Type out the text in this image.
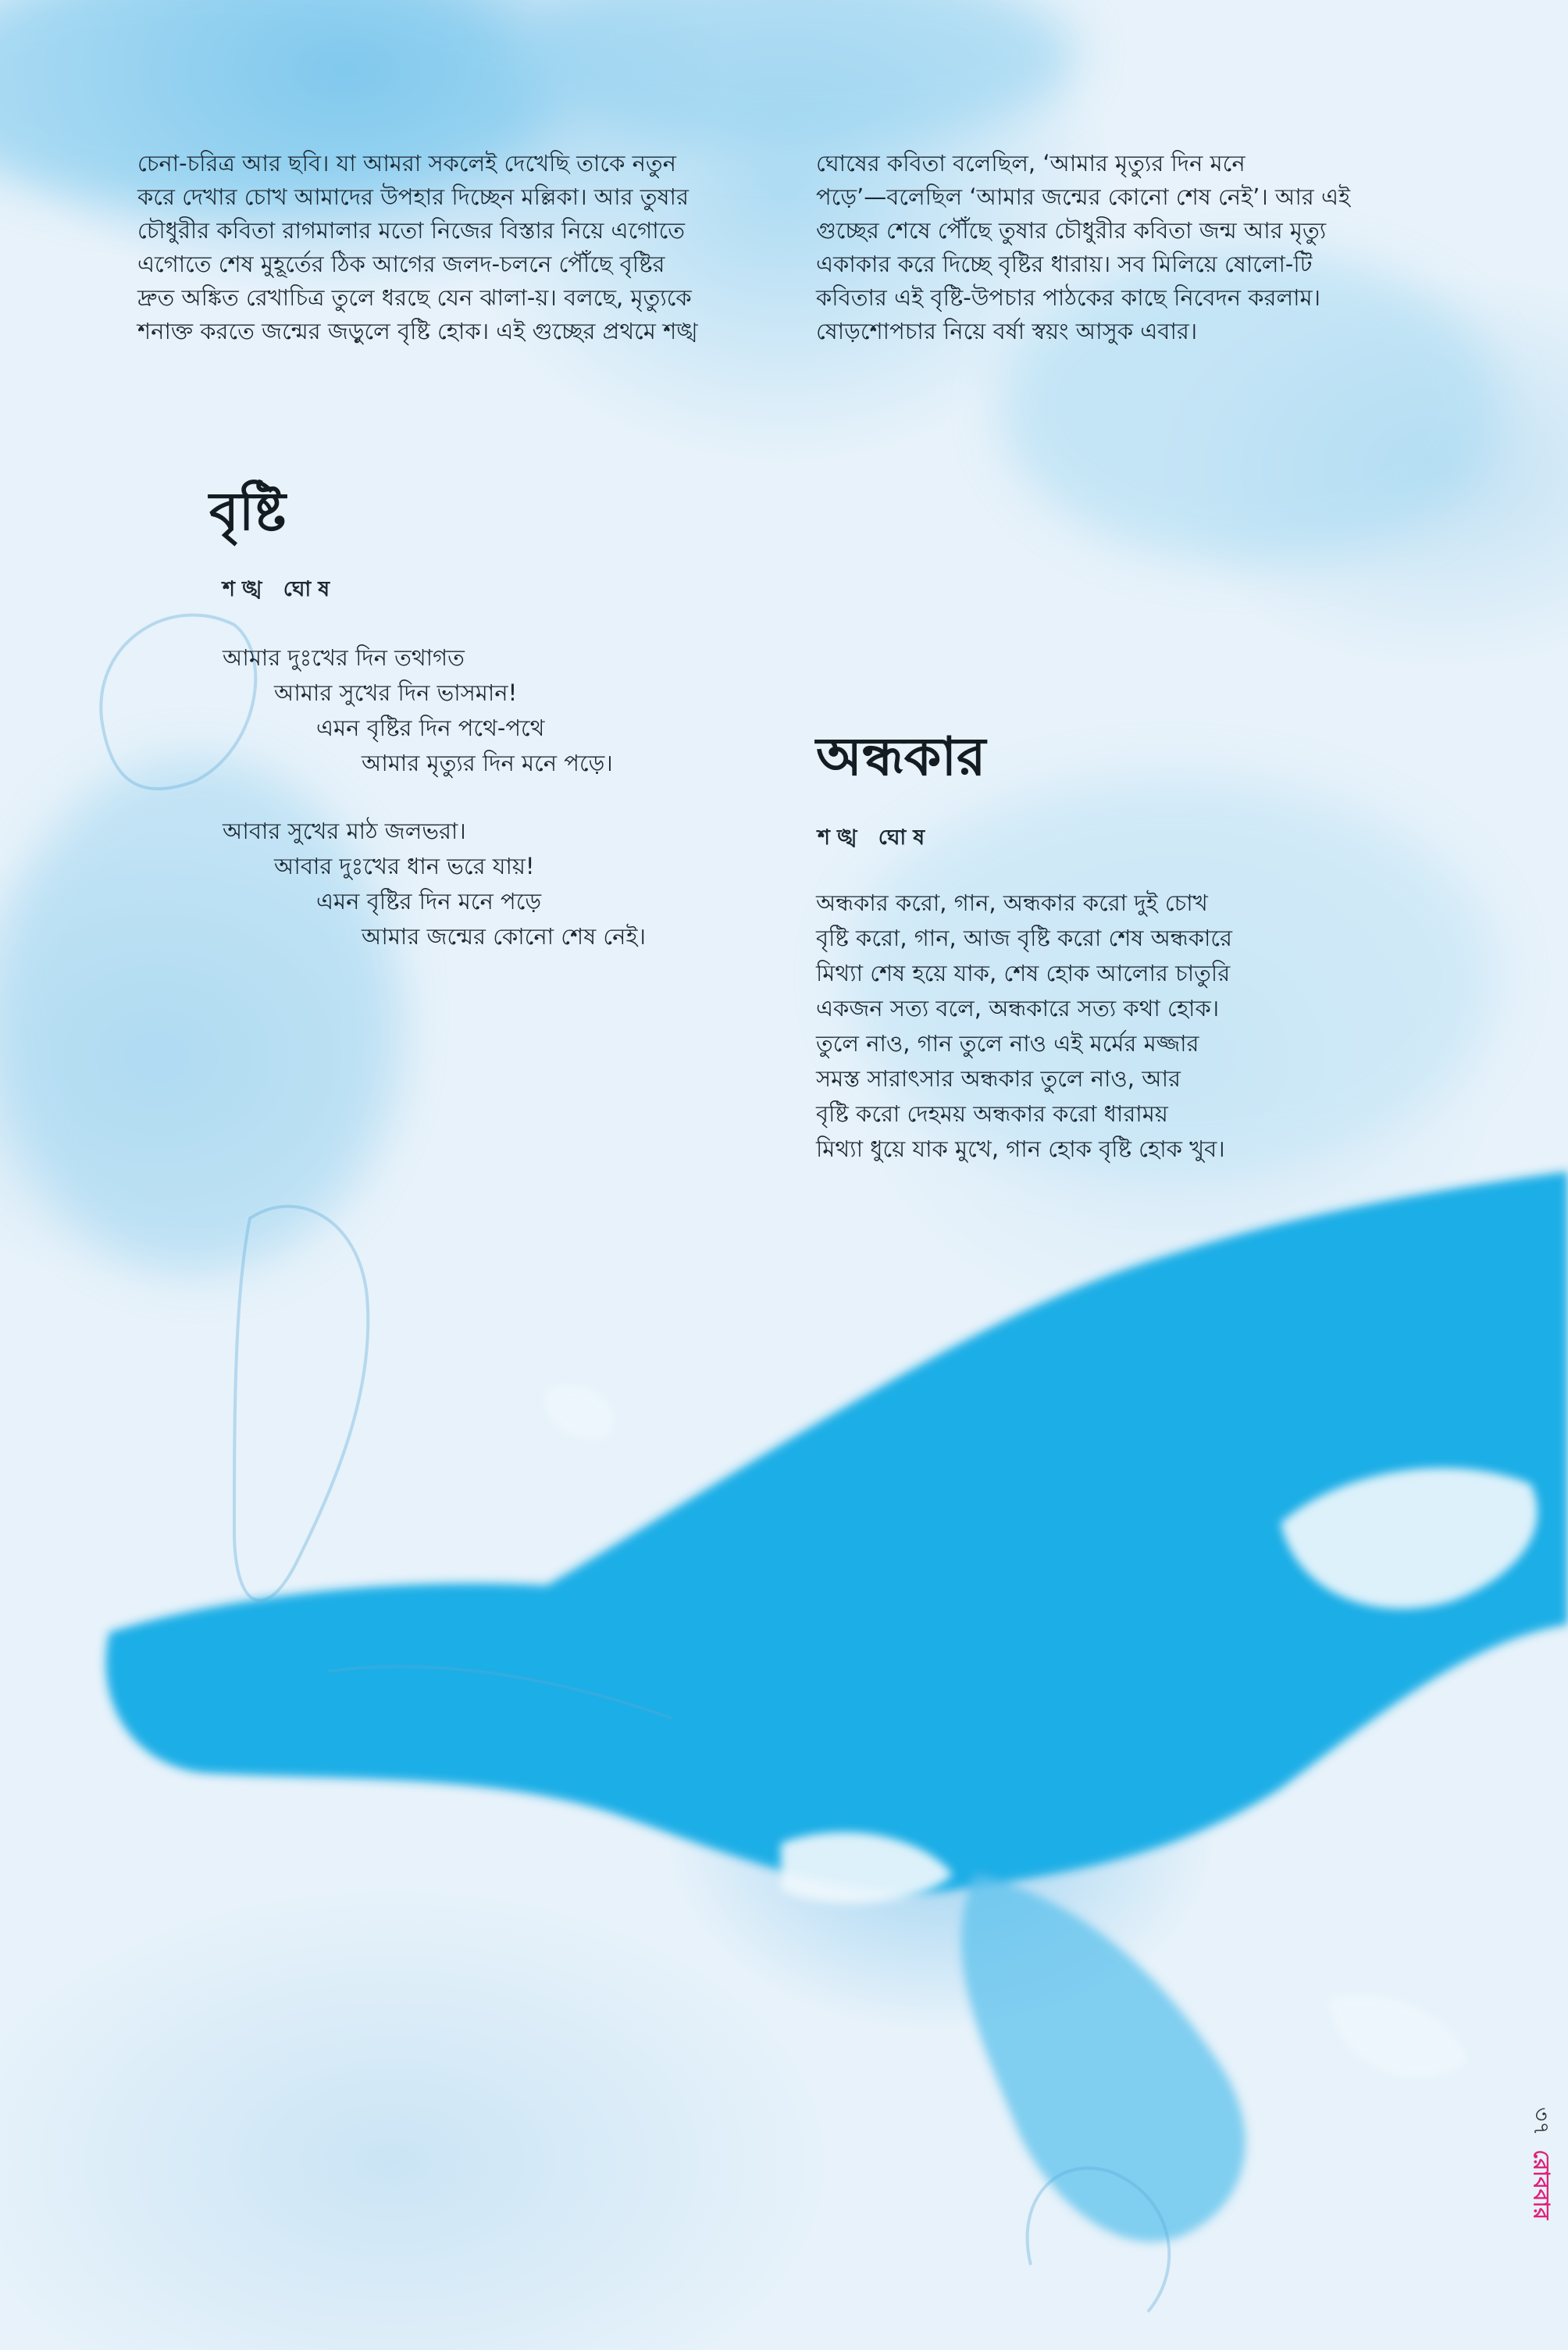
চেনা-চরিত্র আর ছবি। যা আমরা সকলেই দেখেছি তাকে নতুন

করে দেখার চোখ আমাদের উপহার দিচ্ছেন মল্লিকা। আর তুষার

চৌধুরীর কবিতা রাগমালার মতো নিজের বিস্তার নিয়ে এগোতে

এগোতে শেষ মুহূর্তের ঠিক আগের জলদ-চলনে পৌঁছে বৃষ্টির

দ্রুত অঙ্কিত রেখাচিত্র তুলে ধরছে যেন ঝালা-য়। বলছে, মৃত্যুকে

শনাক্ত করতে জন্মের জড়ুলে বৃষ্টি হোক। এই গুচ্ছের প্রথমে শঙ্খ

ঘোষের কবিতা বলেছিল, ‘আমার মৃত্যুর দিন মনে

পড়ে’—বলেছিল ‘আমার জন্মের কোনো শেষ নেই’। আর এই

গুচ্ছের শেষে পৌঁছে তুষার চৌধুরীর কবিতা জন্ম আর মৃত্যু

একাকার করে দিচ্ছে বৃষ্টির ধারায়। সব মিলিয়ে ষোলো-টি

কবিতার এই বৃষ্টি-উপচার পাঠকের কাছে নিবেদন করলাম।

ষোড়শোপচার নিয়ে বর্ষা স্বয়ং আসুক এবার।

বৃষ্টি

শঙ্খ ঘোষ

আমার দুঃখের দিন তথাগত
আমার সুখের দিন ভাসমান!
এমন বৃষ্টির দিন পথে-পথে
আমার মৃত্যুর দিন মনে পড়ে।
আবার সুখের মাঠ জলভরা।
আবার দুঃখের ধান ভরে যায়!
এমন বৃষ্টির দিন মনে পড়ে
আমার জন্মের কোনো শেষ নেই।
অন্ধকার

শঙ্খ ঘোষ

অন্ধকার করো, গান, অন্ধকার করো দুই চোখ
বৃষ্টি করো, গান, আজ বৃষ্টি করো শেষ অন্ধকারে
মিথ্যা শেষ হয়ে যাক, শেষ হোক আলোর চাতুরি
একজন সত্য বলে, অন্ধকারে সত্য কথা হোক।
তুলে নাও, গান তুলে নাও এই মর্মের মজ্জার
সমস্ত সারাৎসার অন্ধকার তুলে নাও, আর
বৃষ্টি করো দেহময় অন্ধকার করো ধারাময়
মিথ্যা ধুয়ে যাক মুখে, গান হোক বৃষ্টি হোক খুব।
৩৭রোববার
